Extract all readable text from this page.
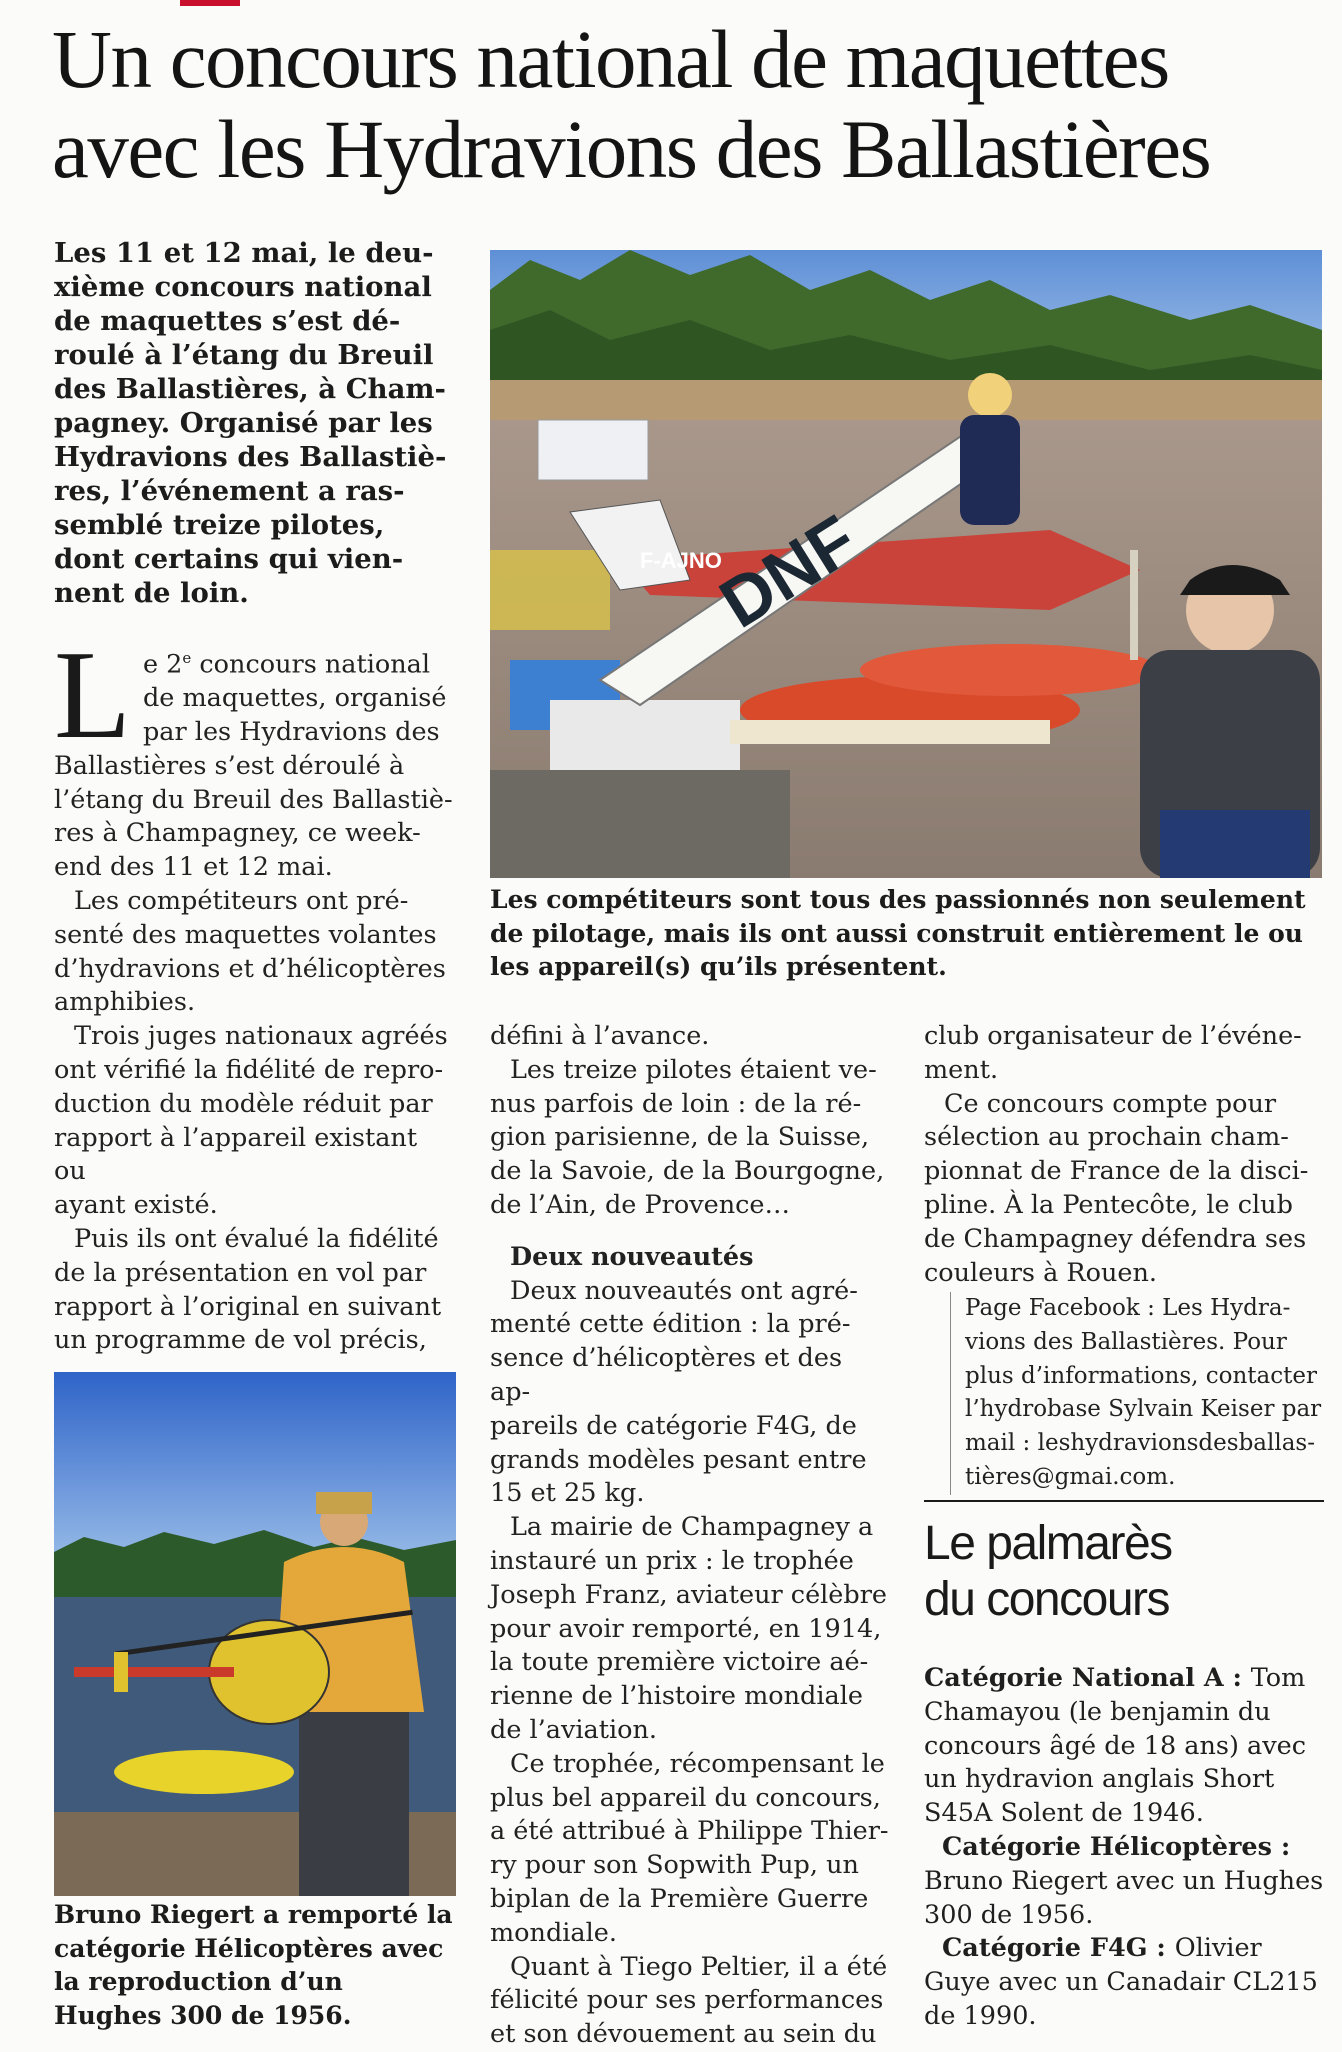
Un concours national de maquettes
avec les Hydravions des Ballastières
Les 11 et 12 mai, le deu-
xième concours national
de maquettes s’est dé-
roulé à l’étang du Breuil
des Ballastières, à Cham-
pagney. Organisé par les
Hydravions des Ballastiè-
res, l’événement a ras-
semblé treize pilotes,
dont certains qui vien-
nent de loin.
L e 2e concours national
de maquettes, organisé
par les Hydravions des
Ballastières s’est déroulé à
l’étang du Breuil des Ballastiè-
res à Champagney, ce week-
end des 11 et 12 mai.
Les compétiteurs ont pré-
senté des maquettes volantes
d’hydravions et d’hélicoptères
amphibies.
Trois juges nationaux agréés
ont vérifié la fidélité de repro-
duction du modèle réduit par
rapport à l’appareil existant ou
ayant existé.
Puis ils ont évalué la fidélité
de la présentation en vol par
rapport à l’original en suivant
un programme de vol précis,
DNF
F-AJNO
Les compétiteurs sont tous des passionnés non seulement
de pilotage, mais ils ont aussi construit entièrement le ou
les appareil(s) qu’ils présentent.
défini à l’avance.
Les treize pilotes étaient ve-
nus parfois de loin : de la ré-
gion parisienne, de la Suisse,
de la Savoie, de la Bourgogne,
de l’Ain, de Provence…
Deux nouveautés
Deux nouveautés ont agré-
menté cette édition : la pré-
sence d’hélicoptères et des ap-
pareils de catégorie F4G, de
grands modèles pesant entre
15 et 25 kg.
La mairie de Champagney a
instauré un prix : le trophée
Joseph Franz, aviateur célèbre
pour avoir remporté, en 1914,
la toute première victoire aé-
rienne de l’histoire mondiale
de l’aviation.
Ce trophée, récompensant le
plus bel appareil du concours,
a été attribué à Philippe Thier-
ry pour son Sopwith Pup, un
biplan de la Première Guerre
mondiale.
Quant à Tiego Peltier, il a été
félicité pour ses performances
et son dévouement au sein du
club organisateur de l’événe-
ment.
Ce concours compte pour
sélection au prochain cham-
pionnat de France de la disci-
pline. À la Pentecôte, le club
de Champagney défendra ses
couleurs à Rouen.
Page Facebook : Les Hydra-
vions des Ballastières. Pour
plus d’informations, contacter
l’hydrobase Sylvain Keiser par
mail : leshydravionsdesballas-
tières@gmai.com.
Le palmarès
du concours

Catégorie National A : Tom Chamayou (le benjamin du concours âgé de 18 ans) avec un hydravion anglais Short S45A Solent de 1946.

Catégorie Hélicoptères : Bruno Riegert avec un Hughes 300 de 1956.

Catégorie F4G : Olivier Guye avec un Canadair CL215 de 1990.

Bruno Riegert a remporté la
catégorie Hélicoptères avec
la reproduction d’un
Hughes 300 de 1956.
